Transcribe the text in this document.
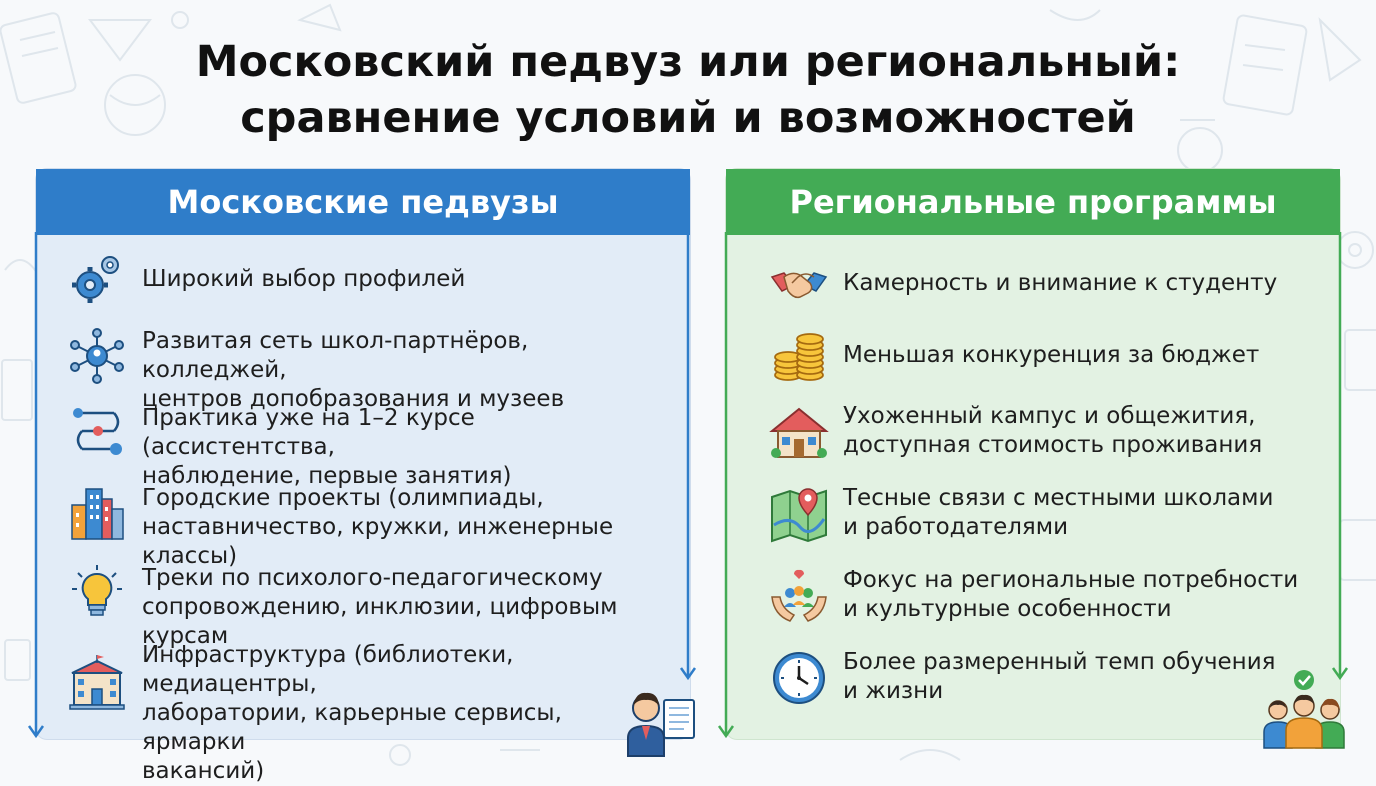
Московский педвуз или региональный:
сравнение условий и возможностей
Московские педвузы
Широкий выбор профилей
Развитая сеть школ-партнёров, колледжей,
центров допобразования и музеев
Практика уже на 1–2 курсе (ассистентства,
наблюдение, первые занятия)
Городские проекты (олимпиады,
наставничество, кружки, инженерные классы)
Треки по психолого-педагогическому
сопровождению, инклюзии, цифровым курсам
Инфраструктура (библиотеки, медиацентры,
лаборатории, карьерные сервисы, ярмарки
вакансий)
Региональные программы
Камерность и внимание к студенту
Меньшая конкуренция за бюджет
Ухоженный кампус и общежития,
доступная стоимость проживания
Тесные связи с местными школами
и работодателями
Фокус на региональные потребности
и культурные особенности
Более размеренный темп обучения
и жизни
